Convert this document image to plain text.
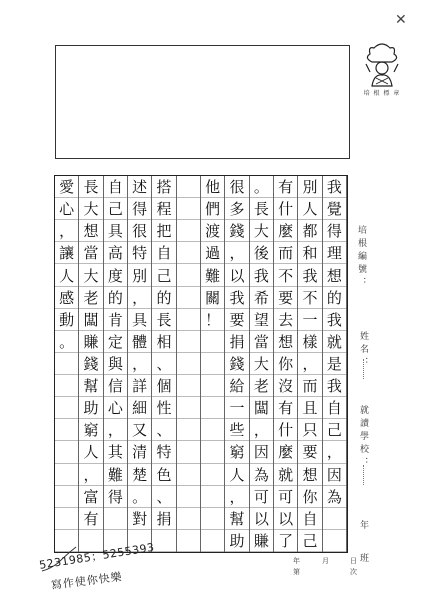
✕
培 根 標 章
我
覺
得
理
想
的
我
就
是
我
自
己
，
因
為
別
人
都
和
我
不
一
樣
，
而
且
只
要
想
你
自
己
有
什
麼
而
不
要
去
想
你
沒
有
什
麼
就
可
以
了
。
長
大
後
我
希
望
當
大
老
闆
，
因
為
可
以
賺
很
多
錢
，
以
我
要
捐
錢
給
一
些
窮
人
，
幫
助
他
們
渡
過
難
關
！
搭
程
把
自
己
的
長
相
、
個
性
、
特
色
、
捐
述
得
很
特
別
，
具
體
，
詳
細
又
清
楚
。
對
自
己
具
高
度
的
肯
定
與
信
心
，
其
難
得
長
大
想
當
大
老
闆
賺
錢
幫
助
窮
人
，
富
有
愛
心
，
讓
人
感
動
。
培根編號：
姓名：
就讀學校：
年
班
年	月	日
第	次
5231985；5255393
寫作使你快樂
